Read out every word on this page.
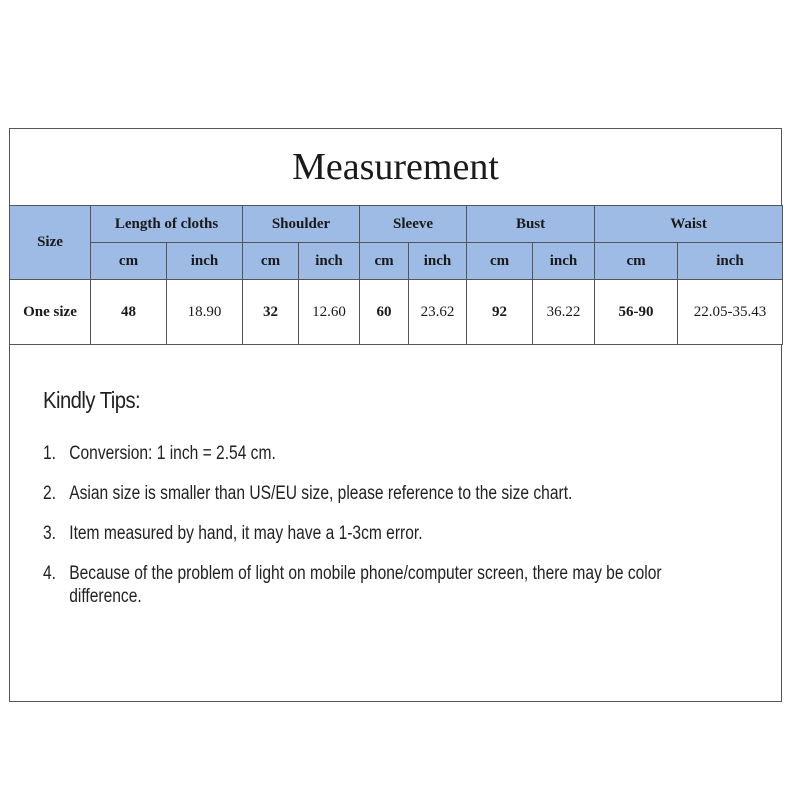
Measurement
Size	Length of cloths		Shoulder		Sleeve		Bust		Waist	
	cm	inch	cm	inch	cm	inch	cm	inch	cm	inch
One size	48	18.90	32	12.60	60	23.62	92	36.22	56-90	22.05-35.43
Kindly Tips:
1. Conversion: 1 inch = 2.54 cm.
2. Asian size is smaller than US/EU size, please reference to the size chart.
3. Item measured by hand, it may have a 1-3cm error.
4. Because of the problem of light on mobile phone/computer screen, there may be color difference.
